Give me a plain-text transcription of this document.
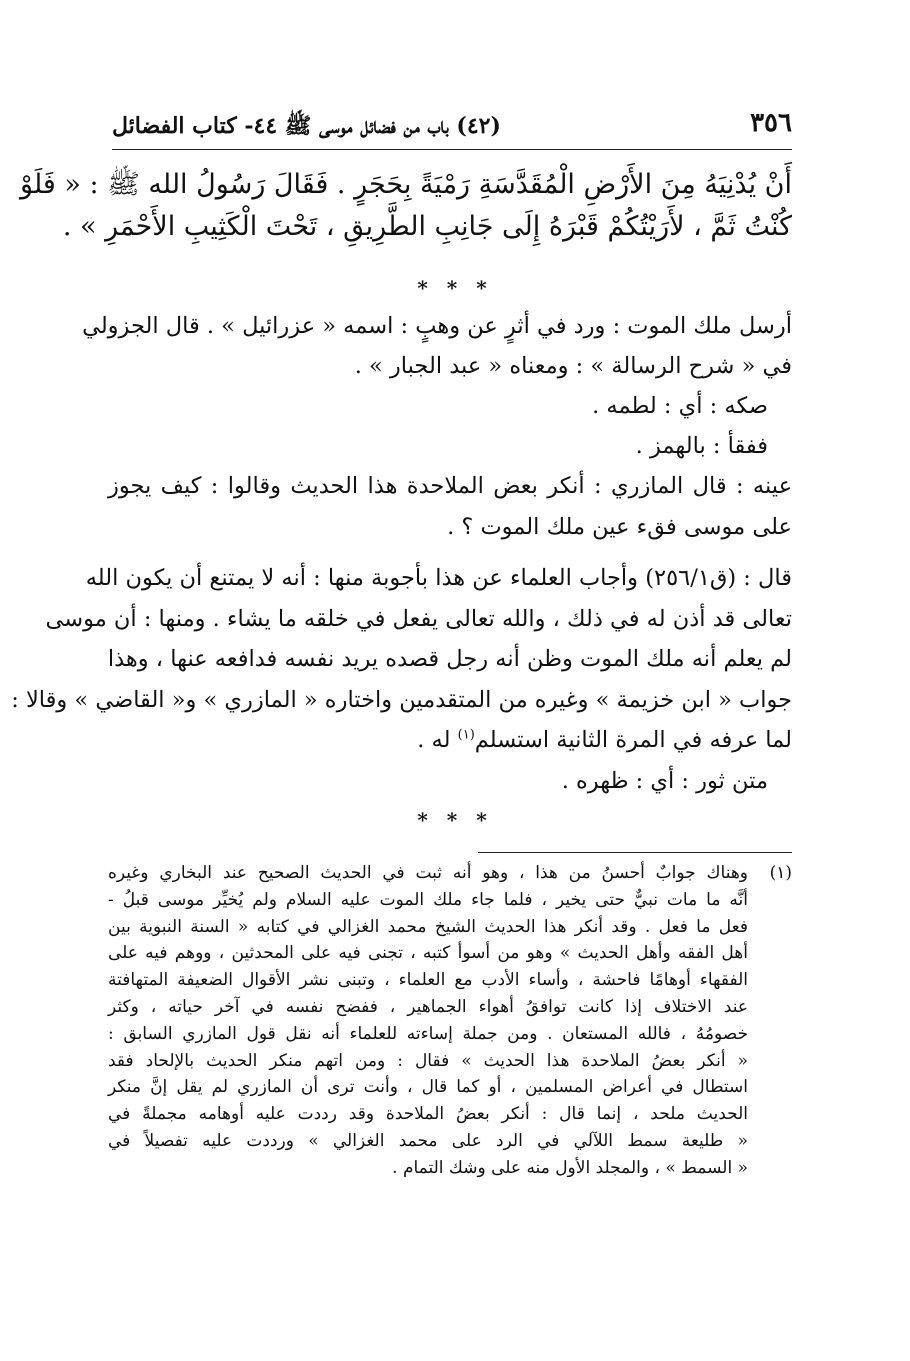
٣٥٦
(٤٢) باب من فضائل موسى ﷺ ٤٤- كتاب الفضائل
أَنْ يُدْنِيَهُ مِنَ الأَرْضِ الْمُقَدَّسَةِ رَمْيَةً بِحَجَرٍ . فَقَالَ رَسُولُ الله ﷺ : « فَلَوْ
كُنْتُ ثَمَّ ، لأَرَيْتُكُمْ قَبْرَهُ إِلَى جَانِبِ الطَّرِيقِ ، تَحْتَ الْكَثِيبِ الأَحْمَرِ » .
* * *
أرسل ملك الموت : ورد في أثرٍ عن وهبٍ : اسمه « عزرائيل » . قال الجزولي
في « شرح الرسالة » : ومعناه « عبد الجبار » .
صكه : أي : لطمه .
ففقأ : بالهمز .
عينه : قال المازري : أنكر بعض الملاحدة هذا الحديث وقالوا : كيف يجوز
على موسى فقء عين ملك الموت ؟ .
قال : (ق٢٥٦/١) وأجاب العلماء عن هذا بأجوبة منها : أنه لا يمتنع أن يكون الله
تعالى قد أذن له في ذلك ، والله تعالى يفعل في خلقه ما يشاء . ومنها : أن موسى
لم يعلم أنه ملك الموت وظن أنه رجل قصده يريد نفسه فدافعه عنها ، وهذا
جواب « ابن خزيمة » وغيره من المتقدمين واختاره « المازري » و« القاضي » وقالا :
لما عرفه في المرة الثانية استسلم$^{(١)}$ له .
متن ثور : أي : ظهره .
* * *
(١)
وهناك جوابٌ أحسنُ من هذا ، وهو أنه ثبت في الحديث الصحيح عند البخاري وغيره
أنَّه ما مات نبيٌّ حتى يخير ، فلما جاء ملك الموت عليه السلام ولم يُخيِّر موسى قبلُ -
فعل ما فعل . وقد أنكر هذا الحديث الشيخ محمد الغزالي في كتابه « السنة النبوية بين
أهل الفقه وأهل الحديث » وهو من أسوأ كتبه ، تجنى فيه على المحدثين ، ووهم فيه على
الفقهاء أوهامًا فاحشة ، وأساء الأدب مع العلماء ، وتبنى نشر الأقوال الضعيفة المتهافتة
عند الاختلاف إذا كانت توافقُ أهواء الجماهير ، ففضح نفسه في آخر حياته ، وكثر
خصومُهُ ، فالله المستعان . ومن جملة إساءته للعلماء أنه نقل قول المازري السابق :
« أنكر بعضُ الملاحدة هذا الحديث » فقال : ومن اتهم منكر الحديث بالإلحاد فقد
استطال في أعراض المسلمين ، أو كما قال ، وأنت ترى أن المازري لم يقل إنَّ منكر
الحديث ملحد ، إنما قال : أنكر بعضُ الملاحدة وقد رددت عليه أوهامه مجملةً في
« طليعة سمط اللآلي في الرد على محمد الغزالي » ورددت عليه تفصيلاً في
« السمط » ، والمجلد الأول منه على وشك التمام .
